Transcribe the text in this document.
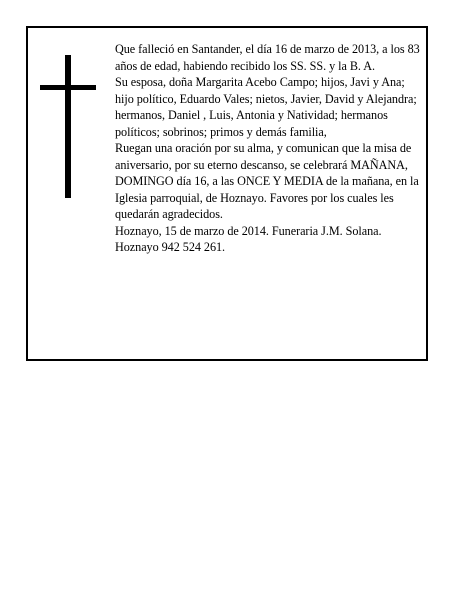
Que falleció en Santander, el día 16 de marzo de 2013, a los 83 años de edad, habiendo recibido los SS. SS. y la B. A.

Su esposa, doña Margarita Acebo Campo; hijos, Javi y Ana; hijo político, Eduardo Vales; nietos, Javier, David y Alejandra; hermanos, Daniel , Luis, Antonia y Natividad; hermanos políticos; sobrinos; primos y demás familia,

Ruegan una oración por su alma, y comunican que la misa de aniversario, por su eterno descanso, se celebrará MAÑANA, DOMINGO día 16, a las ONCE Y MEDIA de la mañana, en la Iglesia parroquial, de Hoznayo. Favores por los cuales les quedarán agradecidos.

Hoznayo, 15 de marzo de 2014. Funeraria J.M. Solana. Hoznayo 942 524 261.
